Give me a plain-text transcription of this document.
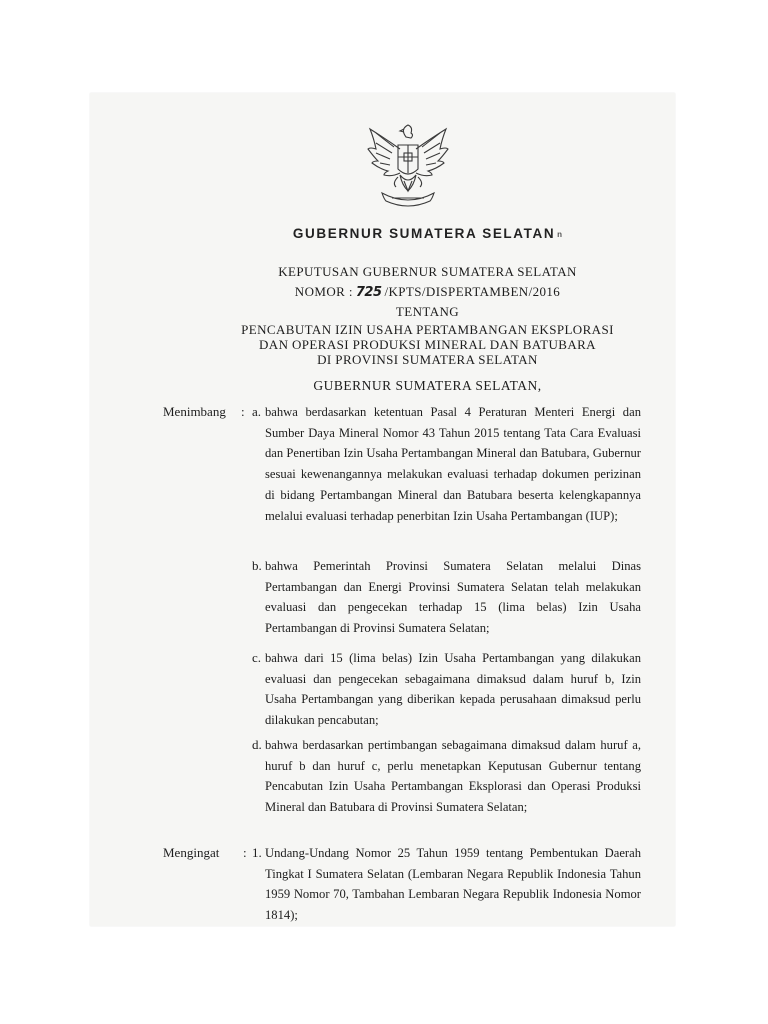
GUBERNUR SUMATERA SELATAN n
KEPUTUSAN GUBERNUR SUMATERA SELATAN
NOMOR : 725 /KPTS/DISPERTAMBEN/2016
TENTANG
PENCABUTAN IZIN USAHA PERTAMBANGAN EKSPLORASI
DAN OPERASI PRODUKSI MINERAL DAN BATUBARA
DI PROVINSI SUMATERA SELATAN
GUBERNUR SUMATERA SELATAN,
Menimbang : a. bahwa berdasarkan ketentuan Pasal 4 Peraturan Menteri Energi dan Sumber Daya Mineral Nomor 43 Tahun 2015 tentang Tata Cara Evaluasi dan Penertiban Izin Usaha Pertambangan Mineral dan Batubara, Gubernur sesuai kewenangannya melakukan evaluasi terhadap dokumen perizinan di bidang Pertambangan Mineral dan Batubara beserta kelengkapannya melalui evaluasi terhadap penerbitan Izin Usaha Pertambangan (IUP);

b. bahwa Pemerintah Provinsi Sumatera Selatan melalui Dinas Pertambangan dan Energi Provinsi Sumatera Selatan telah melakukan evaluasi dan pengecekan terhadap 15 (lima belas) Izin Usaha Pertambangan di Provinsi Sumatera Selatan;

c. bahwa dari 15 (lima belas) Izin Usaha Pertambangan yang dilakukan evaluasi dan pengecekan sebagaimana dimaksud dalam huruf b, Izin Usaha Pertambangan yang diberikan kepada perusahaan dimaksud perlu dilakukan pencabutan;

d. bahwa berdasarkan pertimbangan sebagaimana dimaksud dalam huruf a, huruf b dan huruf c, perlu menetapkan Keputusan Gubernur tentang Pencabutan Izin Usaha Pertambangan Eksplorasi dan Operasi Produksi Mineral dan Batubara di Provinsi Sumatera Selatan;

Mengingat : 1. Undang-Undang Nomor 25 Tahun 1959 tentang Pembentukan Daerah Tingkat I Sumatera Selatan (Lembaran Negara Republik Indonesia Tahun 1959 Nomor 70, Tambahan Lembaran Negara Republik Indonesia Nomor 1814);
